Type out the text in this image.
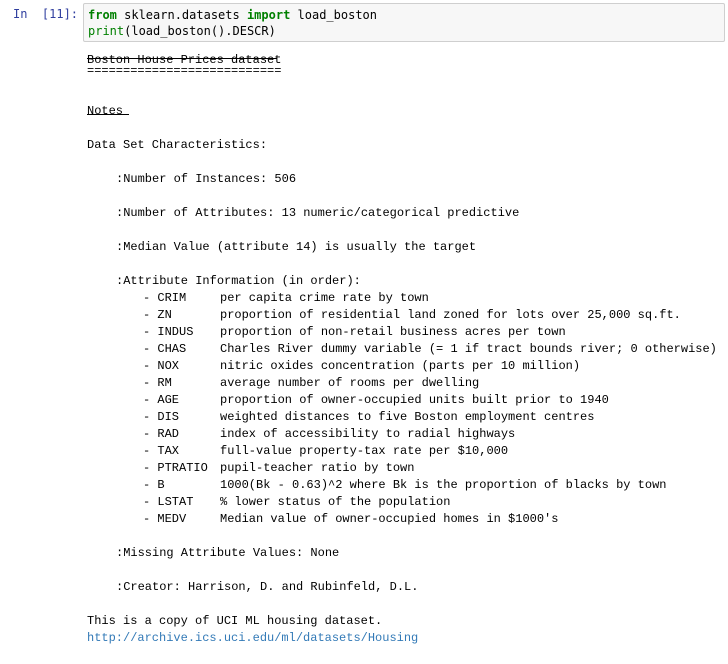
In  [11]: from sklearn.datasets import load_boston
print(load_boston().DESCR)
Boston House Prices dataset
===========================
Notes
Data Set Characteristics:
:Number of Instances: 506
:Number of Attributes: 13 numeric/categorical predictive
:Median Value (attribute 14) is usually the target
:Attribute Information (in order):
- CRIM	per capita crime rate by town
- ZN	proportion of residential land zoned for lots over 25,000 sq.ft.
- INDUS proportion of non-retail business acres per town
- CHAS	Charles River dummy variable (= 1 if tract bounds river; 0 otherwise)
- NOX	nitric oxides concentration (parts per 10 million)
- RM	average number of rooms per dwelling
- AGE	proportion of owner-occupied units built prior to 1940
- DIS	weighted distances to five Boston employment centres
- RAD	index of accessibility to radial highways
- TAX	full-value property-tax rate per $10,000
- PTRATIO pupil-teacher ratio by town
- B	1000(Bk - 0.63)^2 where Bk is the proportion of blacks by town
- LSTAT % lower status of the population
- MEDV	Median value of owner-occupied homes in $1000's
:Missing Attribute Values: None
:Creator: Harrison, D. and Rubinfeld, D.L.
This is a copy of UCI ML housing dataset.
http://archive.ics.uci.edu/ml/datasets/Housing
